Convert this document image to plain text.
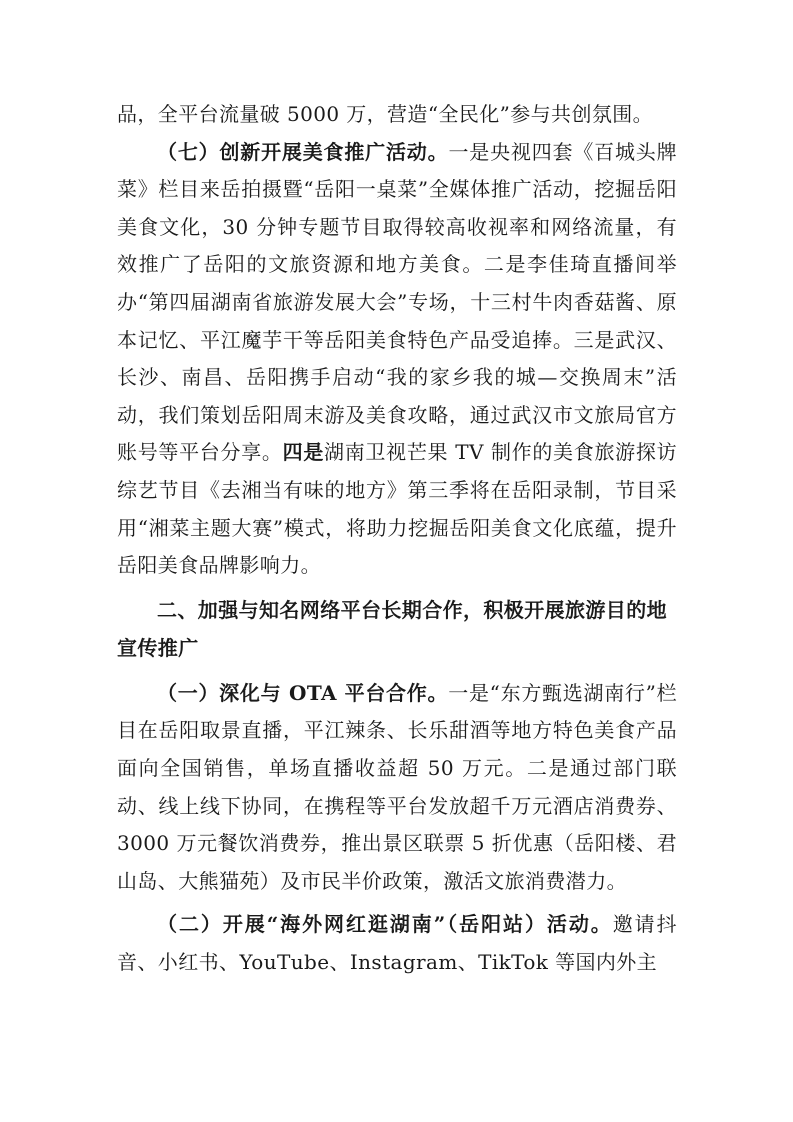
品，全平台流量破 5000 万，营造“全民化”参与共创氛围。

（七）创新开展美食推广活动。一是央视四套《百城头牌菜》栏目来岳拍摄暨“岳阳一桌菜”全媒体推广活动，挖掘岳阳美食文化，30 分钟专题节目取得较高收视率和网络流量，有效推广了岳阳的文旅资源和地方美食。二是李佳琦直播间举办“第四届湖南省旅游发展大会”专场，十三村牛肉香菇酱、原本记忆、平江魔芋干等岳阳美食特色产品受追捧。三是武汉、长沙、南昌、岳阳携手启动“我的家乡我的城—交换周末”活动，我们策划岳阳周末游及美食攻略，通过武汉市文旅局官方账号等平台分享。四是湖南卫视芒果 TV 制作的美食旅游探访综艺节目《去湘当有味的地方》第三季将在岳阳录制，节目采用“湘菜主题大赛”模式，将助力挖掘岳阳美食文化底蕴，提升岳阳美食品牌影响力。

二、加强与知名网络平台长期合作，积极开展旅游目的地宣传推广

（一）深化与 OTA 平台合作。一是“东方甄选湖南行”栏目在岳阳取景直播，平江辣条、长乐甜酒等地方特色美食产品面向全国销售，单场直播收益超 50 万元。二是通过部门联动、线上线下协同，在携程等平台发放超千万元酒店消费券、3000 万元餐饮消费券，推出景区联票 5 折优惠（岳阳楼、君山岛、大熊猫苑）及市民半价政策，激活文旅消费潜力。

（二）开展“海外网红逛湖南”（岳阳站）活动。邀请抖音、小红书、YouTube、Instagram、TikTok 等国内外主
